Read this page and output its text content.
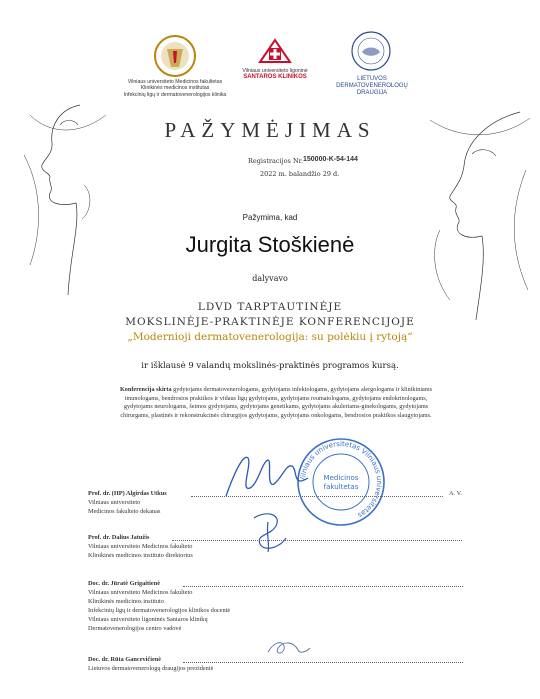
Vilniaus universiteto Medicinos fakultetas
Klinikinės medicinos institutas
Infekcinių ligų ir dermatovenerologijos klinika
Vilniaus universiteto ligoninė
SANTAROS KLINIKOS	LIETUVOS
DERMATOVENEROLOGŲ
DRAUGIJA
PAŽYMĖJIMAS
Registracijos Nr. 150000-K-54-144
2022 m. balandžio 29 d.
Pažymima, kad
Jurgita Stoškienė
dalyvavo
LDVD TARPTAUTINĖJE
MOKSLINĖJE-PRAKTINĖJE KONFERENCIJOJE
„Modernioji dermatovenerologija: su polėkiu į rytoją“
ir išklausė 9 valandų mokslinės-praktinės programos kursą.
Konferencija skirta gydytojams dermatovenerologams, gydytojams infektologams, gydytojams alergologams ir klinikiniams
imunologams, bendrosios praktikos ir vidaus ligų gydytojams, gydytojams reumatologams, gydytojams endokrinologams,
gydytojams neurologams, šeimos gydytojams, gydytojams genetikams, gydytojams akuleriams-ginekologams, gydytojams
chirurgams, plastinės ir rekonstrukcinės chirurgijos gydytojams, gydytojams onkologams, bendrosios praktikos slaugytojams.
Vilniaus universitetas Vilniaus universitetas
Medicinos
fakultetas
Prof. dr. (HP) Algirdas Utkus	A. V.
Vilniaus universiteto
Medicinos fakulteto dekanas
Prof. dr. Dalius Jatužis
Vilniaus universiteto Medicinos fakulteto
Klinikinės medicinos instituto direktorius
Doc. dr. Jūratė Grigaitienė
Vilniaus universiteto Medicinos fakulteto
Klinikinės medicinos instituto
Infekcinių ligų ir dermatovenerologijos klinikos docentė
Vilniaus universiteto ligoninės Santaros klinikų
Dermatovenerologijos centro vadovė
Doc. dr. Rūta Gancevičienė
Lietuvos dermatovenerologų draugijos prezidentė
